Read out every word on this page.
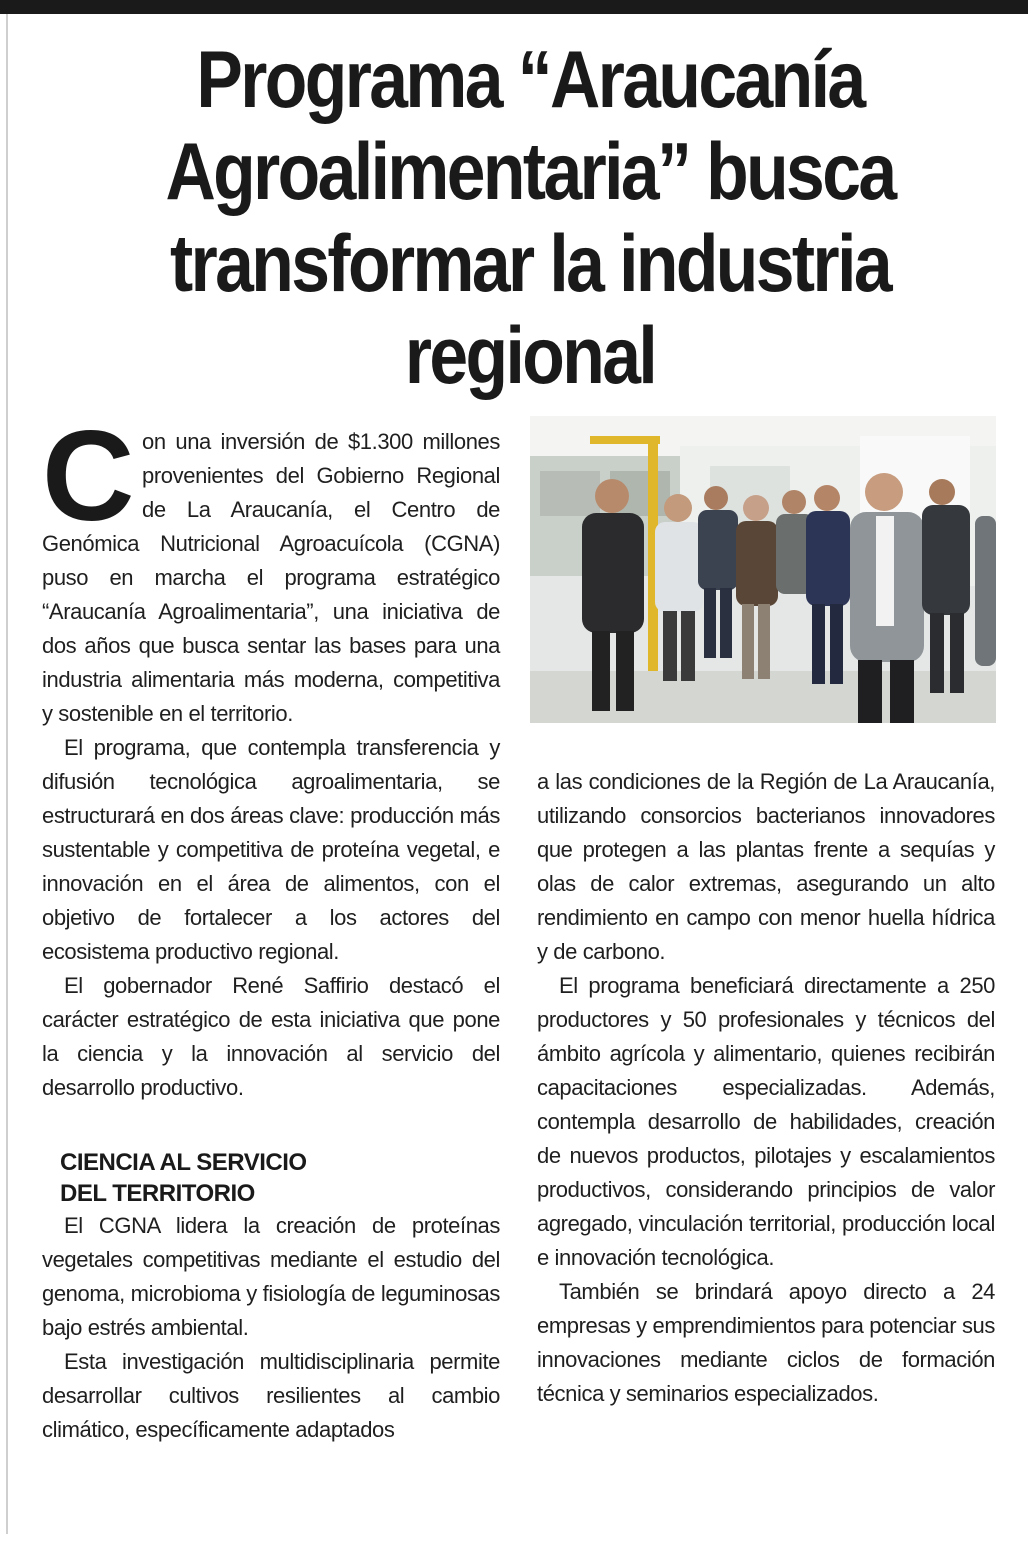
Programa “Araucanía
Agroalimentaria” busca
transformar la industria
regional

Con una inversión de $1.300 millones provenientes del Gobierno Regional de La Araucanía, el Centro de Genómica Nutricional Agroacuícola (CGNA) puso en marcha el programa estratégico “Araucanía Agroalimentaria”, una iniciativa de dos años que busca sentar las bases para una industria alimentaria más moderna, competitiva y sostenible en el territorio.

El programa, que contempla transferencia y difusión tecnológica agroalimentaria, se estructurará en dos áreas clave: producción más sustentable y competitiva de proteína vegetal, e innovación en el área de alimentos, con el objetivo de fortalecer a los actores del ecosistema productivo regional.

El gobernador René Saffirio destacó el carácter estratégico de esta iniciativa que pone la ciencia y la innovación al servicio del desarrollo productivo.

CIENCIA AL SERVICIO
DEL TERRITORIO

El CGNA lidera la creación de proteínas vegetales competitivas mediante el estudio del genoma, microbioma y fisiología de leguminosas bajo estrés ambiental.

Esta investigación multidisciplinaria permite desarrollar cultivos resilientes al cambio climático, específicamente adaptados

a las condiciones de la Región de La Araucanía, utilizando consorcios bacterianos innovadores que protegen a las plantas frente a sequías y olas de calor extremas, asegurando un alto rendimiento en campo con menor huella hídrica y de carbono.

El programa beneficiará directamente a 250 productores y 50 profesionales y técnicos del ámbito agrícola y alimentario, quienes recibirán capacitaciones especializadas. Además, contempla desarrollo de habilidades, creación de nuevos productos, pilotajes y escalamientos productivos, considerando principios de valor agregado, vinculación territorial, producción local e innovación tecnológica.

También se brindará apoyo directo a 24 empresas y emprendimientos para potenciar sus innovaciones mediante ciclos de formación técnica y seminarios especializados.
